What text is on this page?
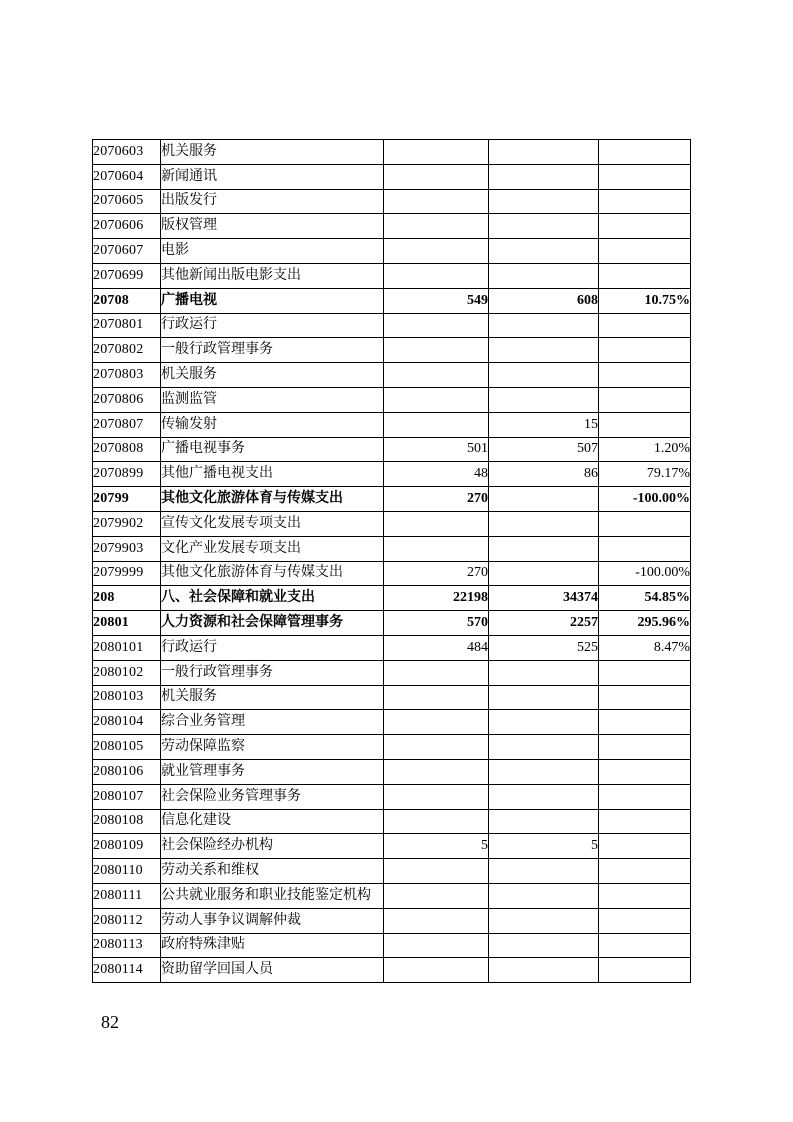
2070603	机关服务			
2070604	新闻通讯			
2070605	出版发行			
2070606	版权管理			
2070607	电影			
2070699	其他新闻出版电影支出			
20708	广播电视	549	608	10.75%
2070801	行政运行			
2070802	一般行政管理事务			
2070803	机关服务			
2070806	监测监管			
2070807	传输发射		15	
2070808	广播电视事务	501	507	1.20%
2070899	其他广播电视支出	48	86	79.17%
20799	其他文化旅游体育与传媒支出	270		-100.00%
2079902	宣传文化发展专项支出			
2079903	文化产业发展专项支出			
2079999	其他文化旅游体育与传媒支出	270		-100.00%
208	八、社会保障和就业支出	22198	34374	54.85%
20801	人力资源和社会保障管理事务	570	2257	295.96%
2080101	行政运行	484	525	8.47%
2080102	一般行政管理事务			
2080103	机关服务			
2080104	综合业务管理			
2080105	劳动保障监察			
2080106	就业管理事务			
2080107	社会保险业务管理事务			
2080108	信息化建设			
2080109	社会保险经办机构	5	5	
2080110	劳动关系和维权			
2080111	公共就业服务和职业技能鉴定机构			
2080112	劳动人事争议调解仲裁			
2080113	政府特殊津贴			
2080114	资助留学回国人员			
82
